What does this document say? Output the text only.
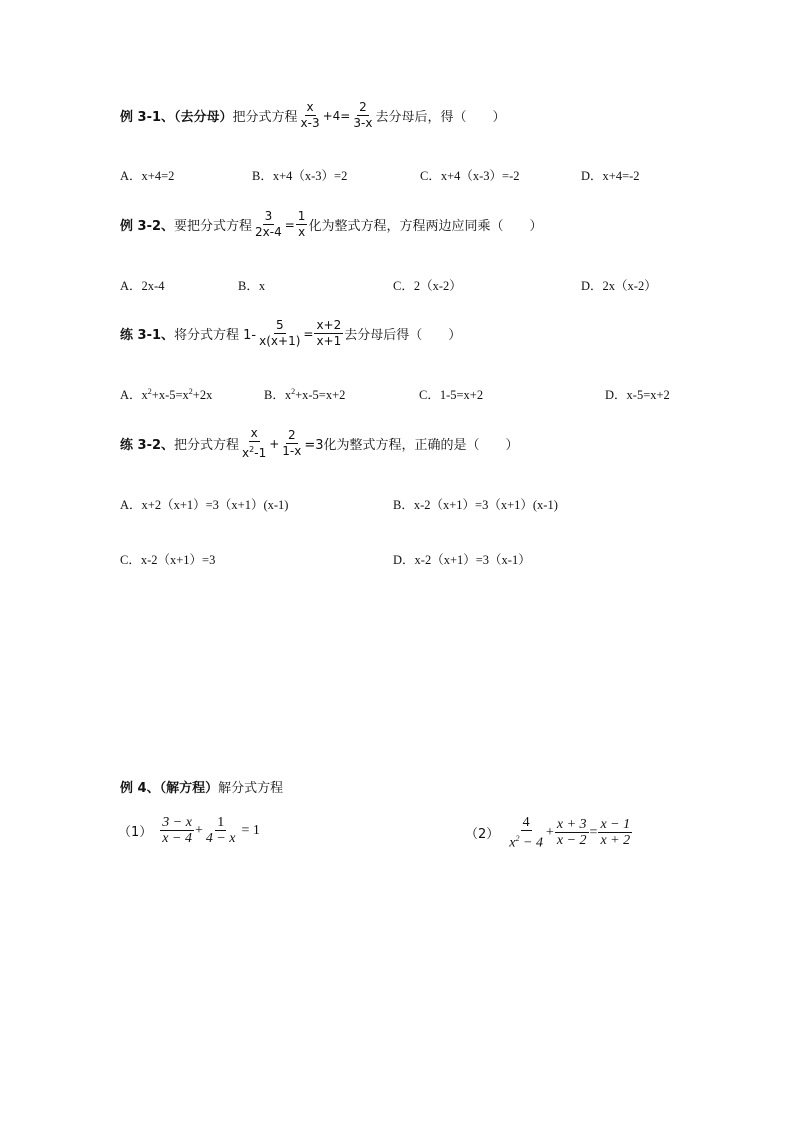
例 3-1、（去分母） 把分式方程 $\frac{x}{x-3} +4= \frac{2}{3-x}$ 去分母后，得（　　）
A．x+4=2	B．x+4（x-3）=2	C．x+4（x-3）=-2	D．x+4=-2
例 3-2、 要把分式方程 $\frac{3}{2x-4} = \frac{1}{x}$ 化为整式方程，方程两边应同乘（　　）
A．2x-4	B．x	C．2（x-2）	D．2x（x-2）
练 3-1、 将分式方程 $1- \frac{5}{x(x+1)} = \frac{x+2}{x+1}$ 去分母后得（　　）
A．$x^2+x-5=x^2+2x$	B．$x^2+x-5=x+2$	C．1-5=x+2	D．x-5=x+2
练 3-2、 把分式方程 $\frac{x}{x^2-1} + \frac{2}{1-x} =3$化为整式方程，正确的是（　　）
A．x+2（x+1）=3（x+1）(x-1)	B．x-2（x+1）=3（x+1）(x-1)
C．x-2（x+1）=3	D．x-2（x+1）=3（x-1）
例 4、（解方程） 解分式方程
$(1) \frac{3 - x}{x - 4} + \frac{1}{4 - x} = 1$	$(2) \frac{4}{x^2 - 4} + \frac{x + 3}{x - 2} = \frac{x - 1}{x + 2}$
